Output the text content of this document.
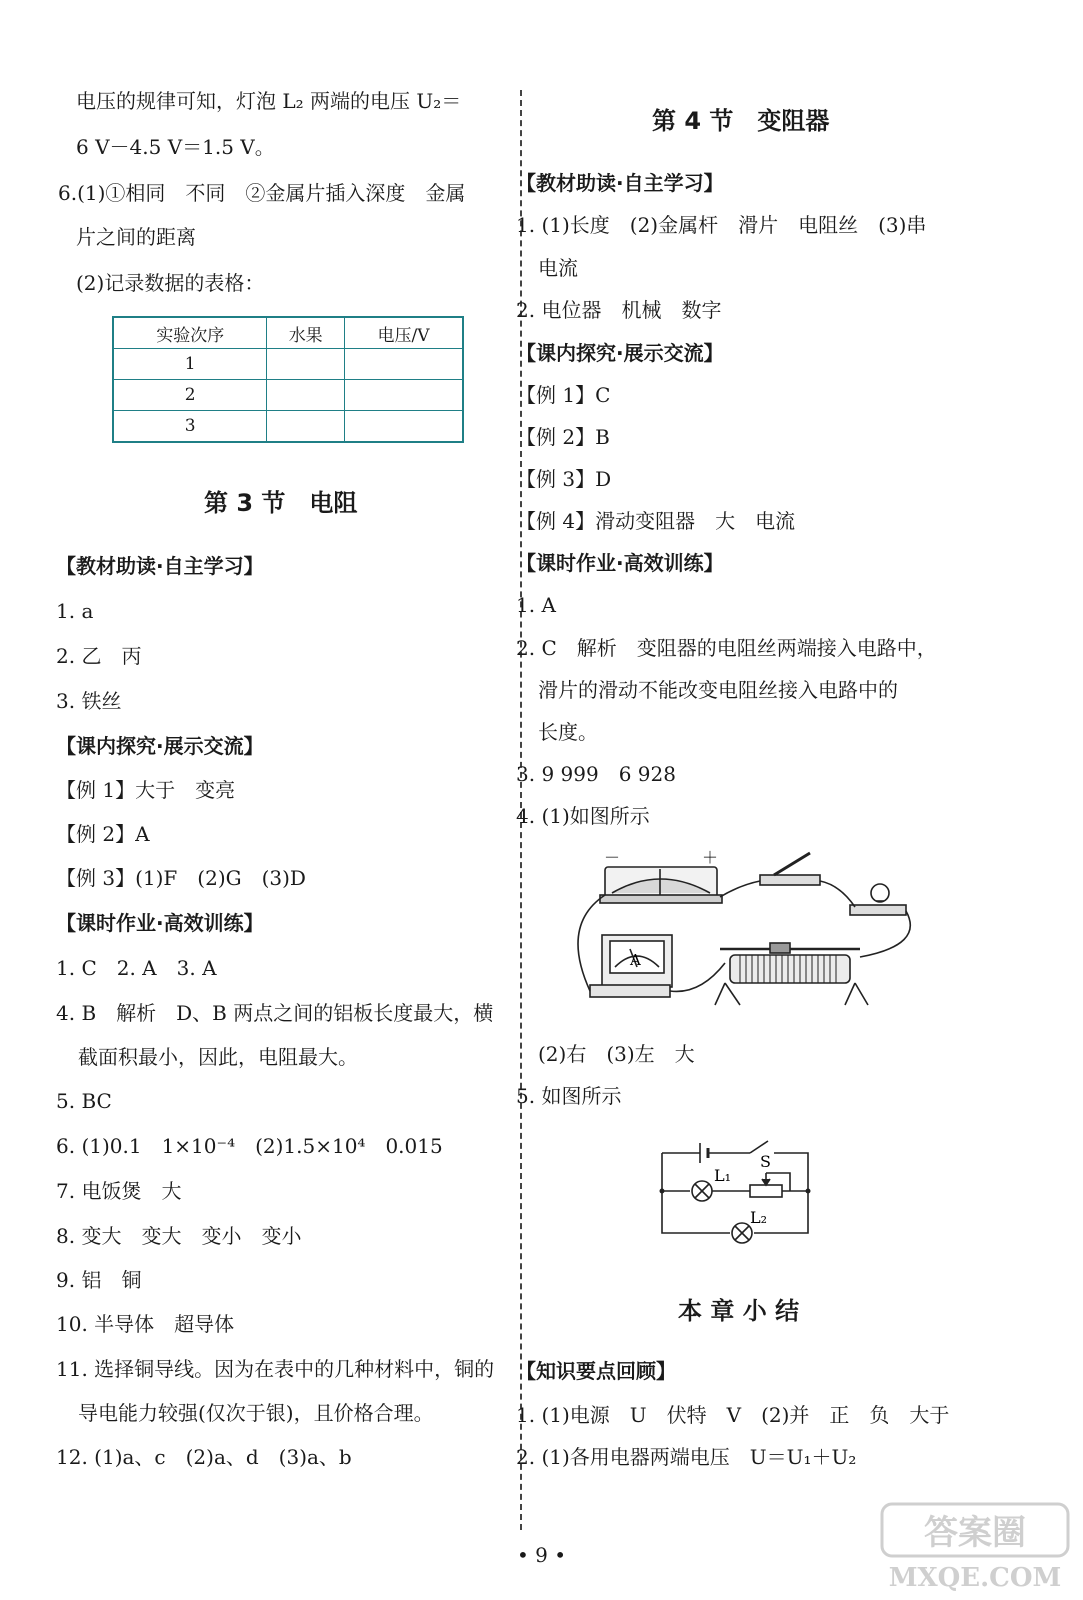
电压的规律可知，灯泡 L₂ 两端的电压 U₂＝
6 V－4.5 V＝1.5 V。
6.(1)①相同　不同　②金属片插入深度　金属
片之间的距离
(2)记录数据的表格：
实验次序	水果	电压/V
1		
2		
3		
第 3 节　电阻
【教材助读·自主学习】
1. a
2. 乙　丙
3. 铁丝
【课内探究·展示交流】
【例 1】大于　变亮
【例 2】A
【例 3】(1)F　(2)G　(3)D
【课时作业·高效训练】
1. C　2. A　3. A
4. B　解析　D、B 两点之间的铝板长度最大，横
截面积最小，因此，电阻最大。
5. BC
6. (1)0.1　1×10⁻⁴　(2)1.5×10⁴　0.015
7. 电饭煲　大
8. 变大　变大　变小　变小
9. 铝　铜
10. 半导体　超导体
11. 选择铜导线。因为在表中的几种材料中，铜的
导电能力较强(仅次于银)，且价格合理。
12. (1)a、c　(2)a、d　(3)a、b
第 4 节　变阻器
【教材助读·自主学习】
1. (1)长度　(2)金属杆　滑片　电阻丝　(3)串
电流
2. 电位器　机械　数字
【课内探究·展示交流】
【例 1】C
【例 2】B
【例 3】D
【例 4】滑动变阻器　大　电流
【课时作业·高效训练】
1. A
2. C　解析　变阻器的电阻丝两端接入电路中，
滑片的滑动不能改变电阻丝接入电路中的
长度。
3. 9 999　6 928
4. (1)如图所示
－	＋
A
(2)右　(3)左　大
5. 如图所示
S
L₁
L₂
本 章 小 结
【知识要点回顾】
1. (1)电源　U　伏特　V　(2)并　正　负　大于
2. (1)各用电器两端电压　U＝U₁＋U₂
• 9 •
答案圈
MXQE.COM
